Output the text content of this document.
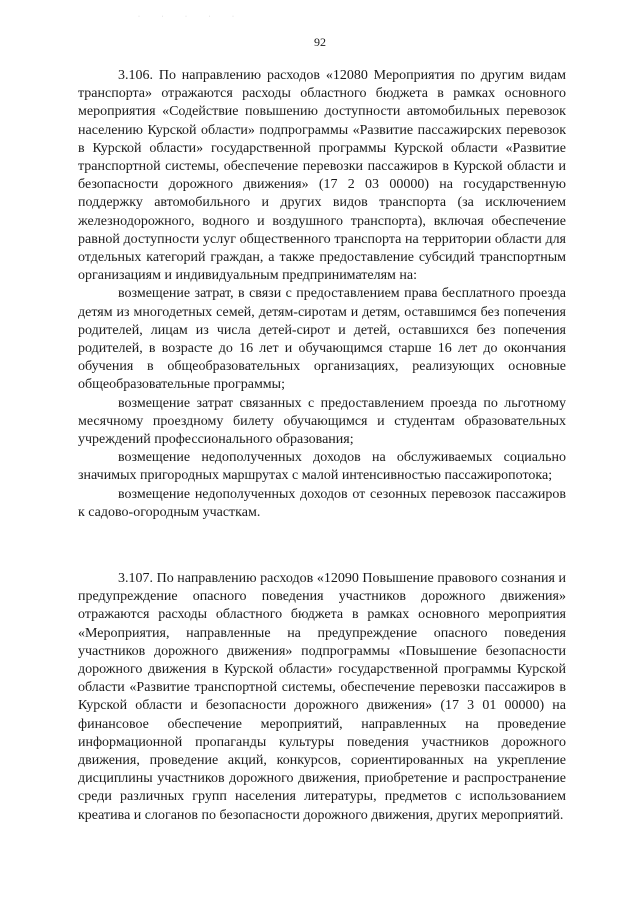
· · · · ·
92

3.106. По направлению расходов «12080 Мероприятия по другим видам транспорта» отражаются расходы областного бюджета в рамках основного мероприятия «Содействие повышению доступности автомобильных перевозок населению Курской области» подпрограммы «Развитие пассажирских перевозок в Курской области» государственной программы Курской области «Развитие транспортной системы, обеспечение перевозки пассажиров в Курской области и безопасности дорожного движения» (17 2 03 00000) на государственную поддержку автомобильного и других видов транспорта (за исключением железнодорожного, водного и воздушного транспорта), включая обеспечение равной доступности услуг общественного транспорта на территории области для отдельных категорий граждан, а также предоставление субсидий транспортным организациям и индивидуальным предпринимателям на:

возмещение затрат, в связи с предоставлением права бесплатного проезда детям из многодетных семей, детям-сиротам и детям, оставшимся без попечения родителей, лицам из числа детей-сирот и детей, оставшихся без попечения родителей, в возрасте до 16 лет и обучающимся старше 16 лет до окончания обучения в общеобразовательных организациях, реализующих основные общеобразовательные программы;

возмещение затрат связанных с предоставлением проезда по льготному месячному проездному билету обучающимся и студентам образовательных учреждений профессионального образования;

возмещение недополученных доходов на обслуживаемых социально значимых пригородных маршрутах с малой интенсивностью пассажиропотока;

возмещение недополученных доходов от сезонных перевозок пассажиров к садово-огородным участкам.

3.107. По направлению расходов «12090 Повышение правового сознания и предупреждение опасного поведения участников дорожного движения» отражаются расходы областного бюджета в рамках основного мероприятия «Мероприятия, направленные на предупреждение опасного поведения участников дорожного движения» подпрограммы «Повышение безопасности дорожного движения в Курской области» государственной программы Курской области «Развитие транспортной системы, обеспечение перевозки пассажиров в Курской области и безопасности дорожного движения» (17 3 01 00000) на финансовое обеспечение мероприятий, направленных на проведение информационной пропаганды культуры поведения участников дорожного движения, проведение акций, конкурсов, сориентированных на укрепление дисциплины участников дорожного движения, приобретение и распространение среди различных групп населения литературы, предметов с использованием креатива и слоганов по безопасности дорожного движения, других мероприятий.
